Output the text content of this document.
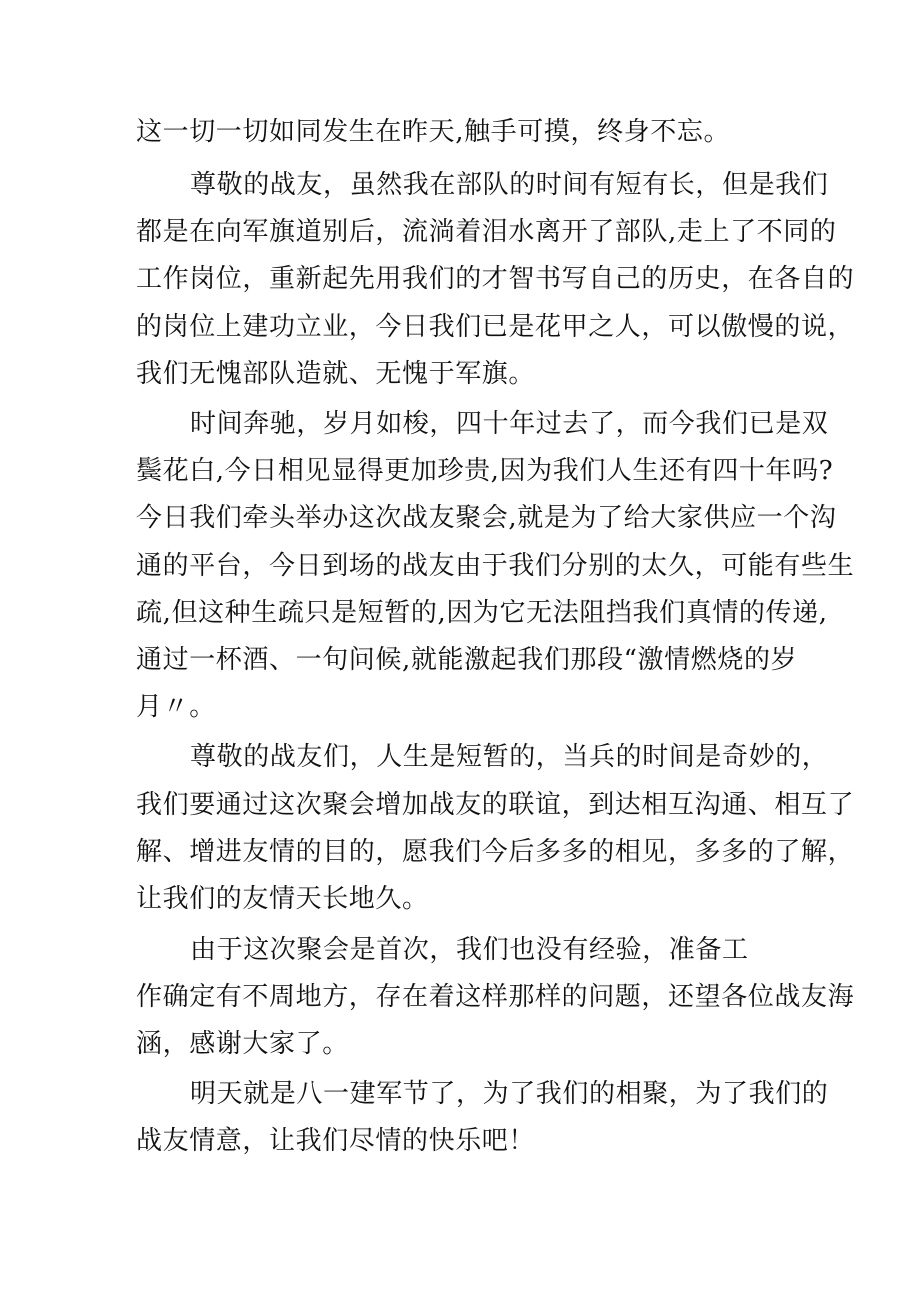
这一切一切如同发生在昨天,触手可摸，终身不忘。
尊敬的战友，虽然我在部队的时间有短有长，但是我们
都是在向军旗道别后，流淌着泪水离开了部队,走上了不同的
工作岗位，重新起先用我们的才智书写自己的历史，在各自的
的岗位上建功立业，今日我们已是花甲之人，可以傲慢的说，
我们无愧部队造就、无愧于军旗。
时间奔驰，岁月如梭，四十年过去了，而今我们已是双
鬓花白,今日相见显得更加珍贵,因为我们人生还有四十年吗?
今日我们牵头举办这次战友聚会,就是为了给大家供应一个沟
通的平台，今日到场的战友由于我们分别的太久，可能有些生
疏,但这种生疏只是短暂的,因为它无法阻挡我们真情的传递,
通过一杯酒、一句问候,就能激起我们那段“激情燃烧的岁
月〃。
尊敬的战友们，人生是短暂的，当兵的时间是奇妙的，
我们要通过这次聚会增加战友的联谊，到达相互沟通、相互了
解、增进友情的目的，愿我们今后多多的相见，多多的了解，
让我们的友情天长地久。
由于这次聚会是首次，我们也没有经验，准备工
作确定有不周地方，存在着这样那样的问题，还望各位战友海
涵，感谢大家了。
明天就是八一建军节了，为了我们的相聚，为了我们的
战友情意，让我们尽情的快乐吧！
